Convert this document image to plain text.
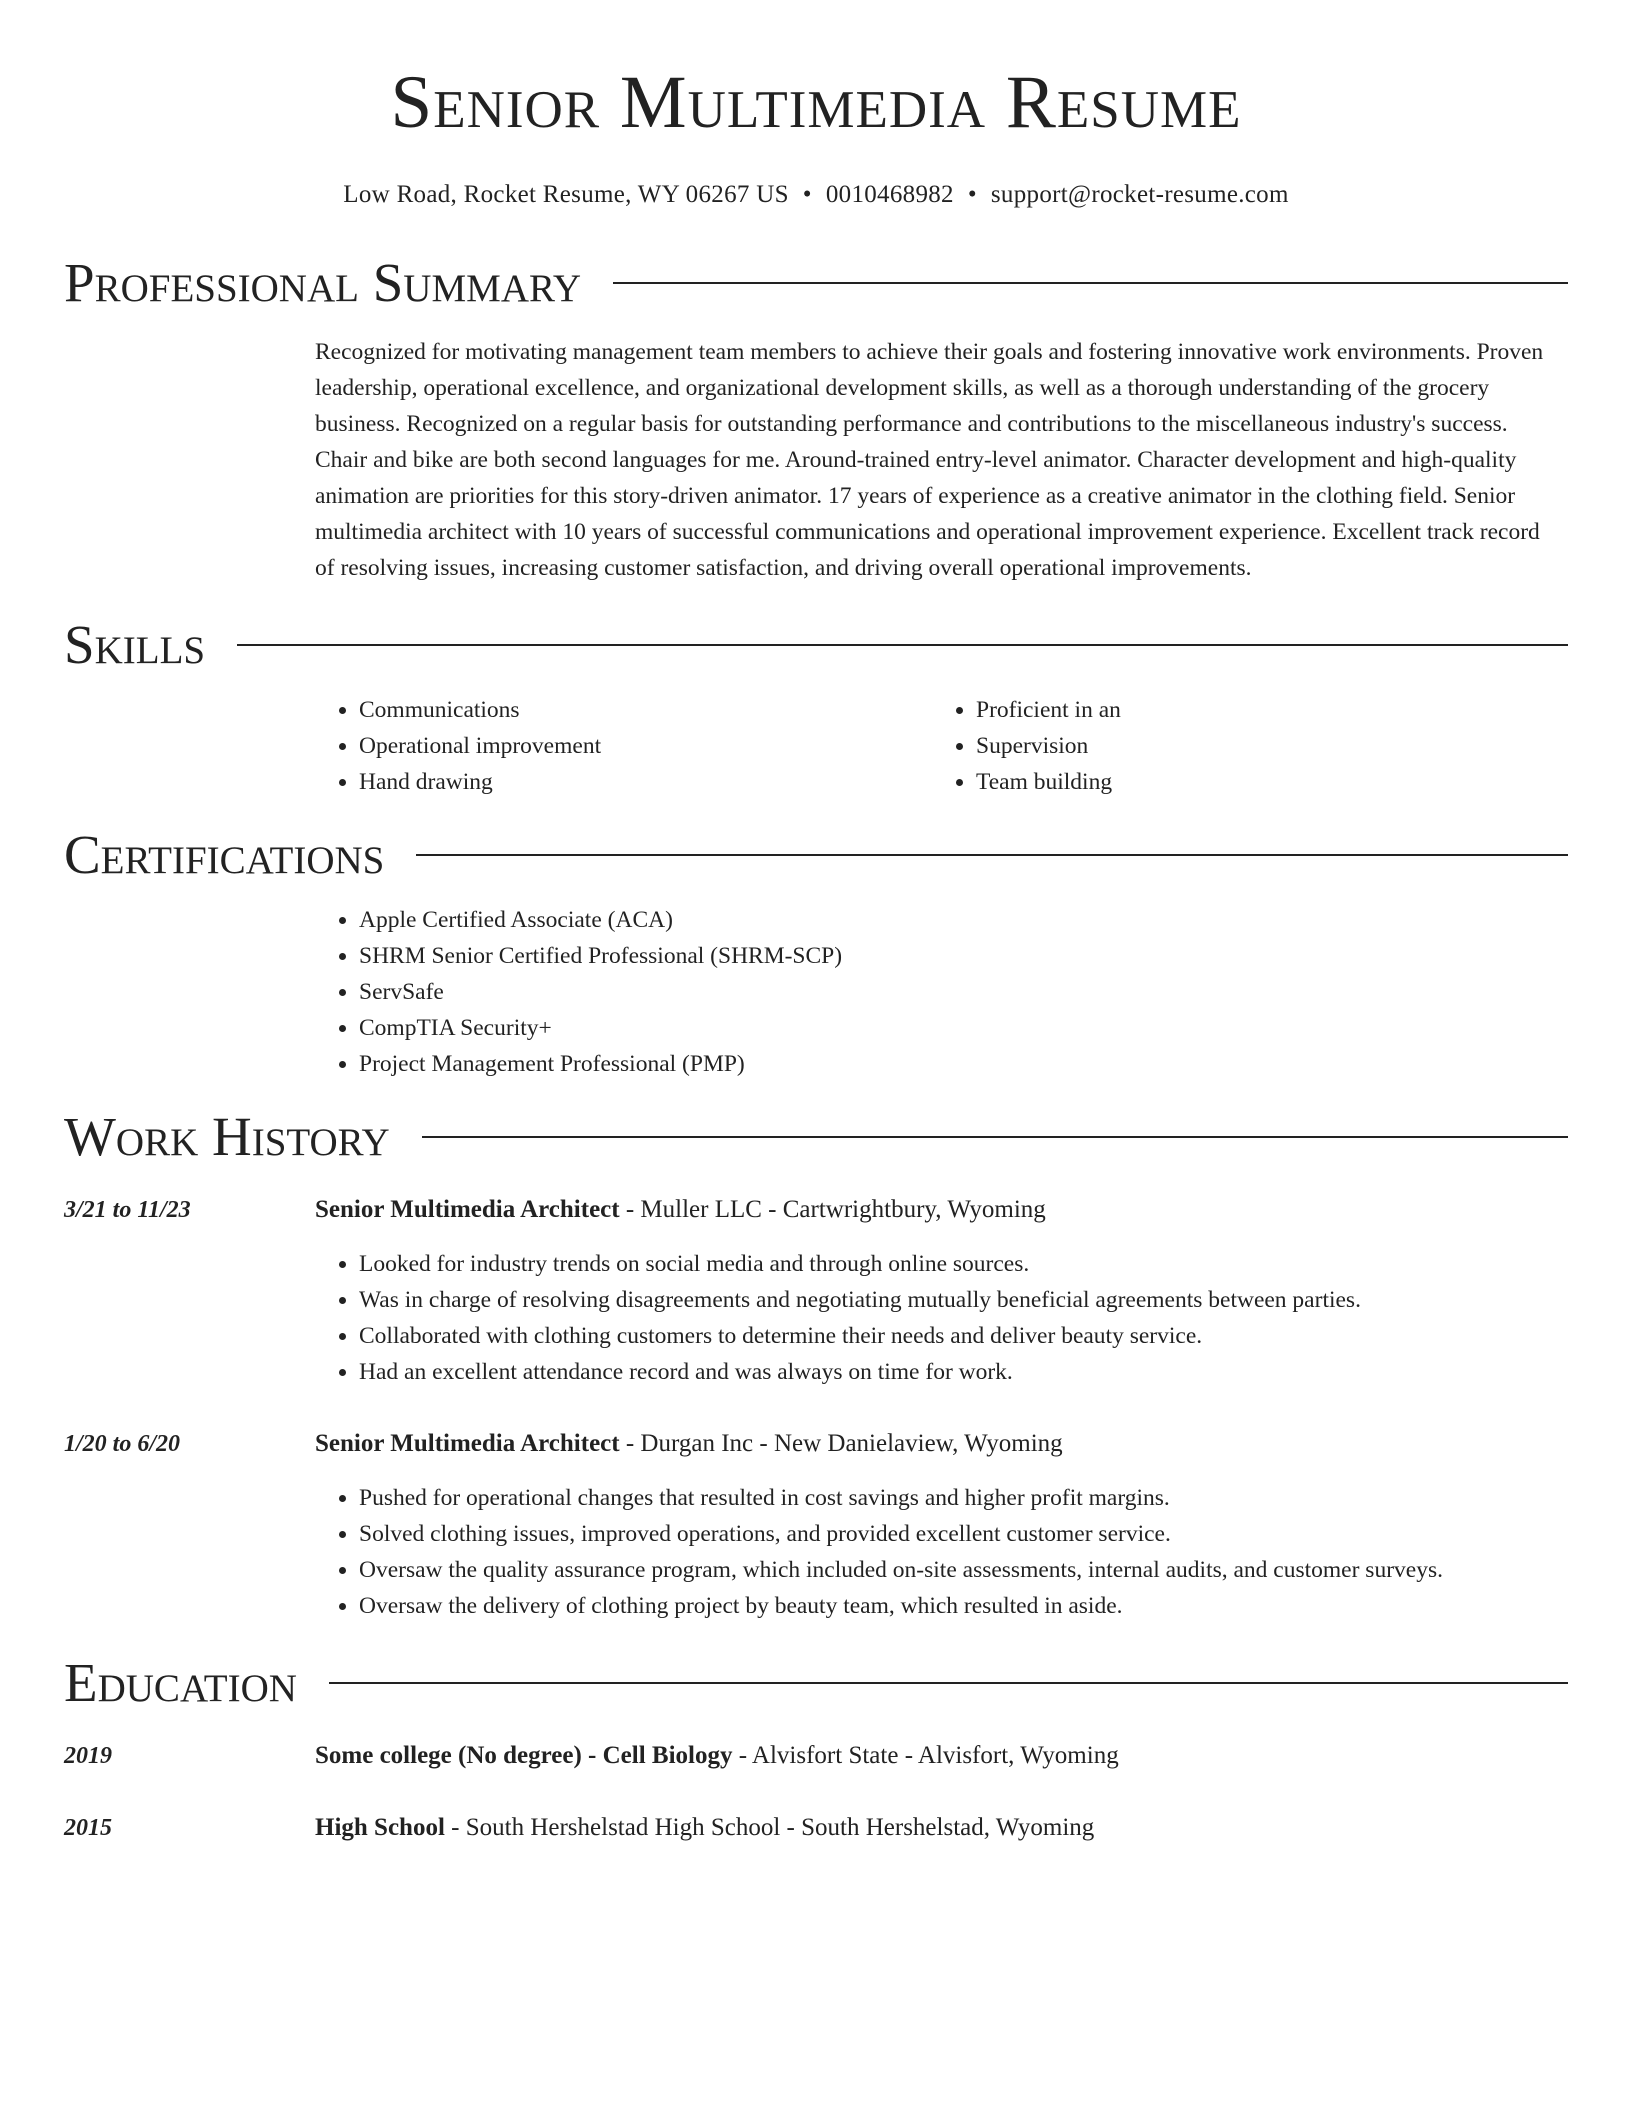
Senior Multimedia Resume
Low Road, Rocket Resume, WY 06267 US • 0010468982 • support@rocket-resume.com
Professional Summary
Recognized for motivating management team members to achieve their goals and fostering innovative work environments. Proven leadership, operational excellence, and organizational development skills, as well as a thorough understanding of the grocery business. Recognized on a regular basis for outstanding performance and contributions to the miscellaneous industry's success. Chair and bike are both second languages for me. Around-trained entry-level animator. Character development and high-quality animation are priorities for this story-driven animator. 17 years of experience as a creative animator in the clothing field. Senior multimedia architect with 10 years of successful communications and operational improvement experience. Excellent track record of resolving issues, increasing customer satisfaction, and driving overall operational improvements.
Skills
• Communications
• Operational improvement
• Hand drawing
• Proficient in an
• Supervision
• Team building
Certifications
• Apple Certified Associate (ACA)
• SHRM Senior Certified Professional (SHRM-SCP)
• ServSafe
• CompTIA Security+
• Project Management Professional (PMP)
Work History
3/21 to 11/23	Senior Multimedia Architect - Muller LLC - Cartwrightbury, Wyoming
• Looked for industry trends on social media and through online sources.
• Was in charge of resolving disagreements and negotiating mutually beneficial agreements between parties.
• Collaborated with clothing customers to determine their needs and deliver beauty service.
• Had an excellent attendance record and was always on time for work.
1/20 to 6/20	Senior Multimedia Architect - Durgan Inc - New Danielaview, Wyoming
• Pushed for operational changes that resulted in cost savings and higher profit margins.
• Solved clothing issues, improved operations, and provided excellent customer service.
• Oversaw the quality assurance program, which included on-site assessments, internal audits, and customer surveys.
• Oversaw the delivery of clothing project by beauty team, which resulted in aside.
Education
2019	Some college (No degree) - Cell Biology - Alvisfort State - Alvisfort, Wyoming
2015	High School - South Hershelstad High School - South Hershelstad, Wyoming
